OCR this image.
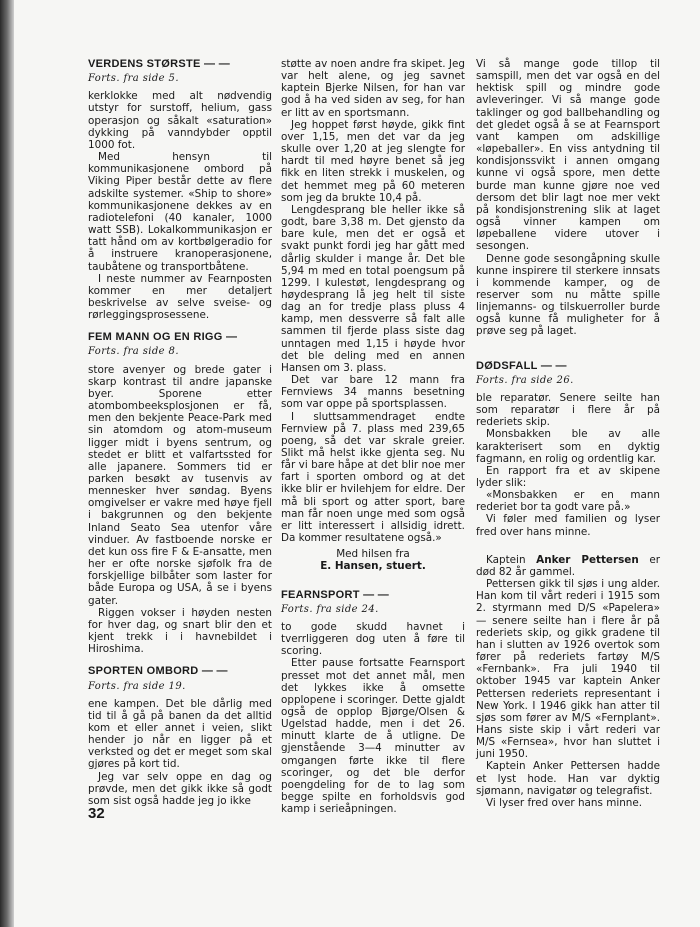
VERDENS STØRSTE — —
Forts. fra side 5.

kerklokke med alt nødvendig utstyr for surstoff, helium, gass operasjon og såkalt «saturation» dykking på vanndybder opptil 1000 fot.

Med hensyn til kommunikasjonene ombord på Viking Piper består dette av flere adskilte systemer. «Ship to shore» kommunikasjonene dekkes av en radiotelefoni (40 kanaler, 1000 watt SSB). Lokalkommunikasjon er tatt hånd om av kortbølgeradio for å instruere kranoperasjonene, taubåtene og transportbåtene.

I neste nummer av Fearnposten kommer en mer detaljert beskrivelse av selve sveise- og rørleggingsprosessene.

FEM MANN OG EN RIGG —
Forts. fra side 8.

store avenyer og brede gater i skarp kontrast til andre japanske byer. Sporene etter atombombeeksplosjonen er få, men den bekjente Peace-Park med sin atomdom og atom-museum ligger midt i byens sentrum, og stedet er blitt et valfartssted for alle japanere. Sommers tid er parken besøkt av tusenvis av mennesker hver søndag. Byens omgivelser er vakre med høye fjell i bakgrunnen og den bekjente Inland Seato Sea utenfor våre vinduer. Av fastboende norske er det kun oss fire F & E-ansatte, men her er ofte norske sjøfolk fra de forskjellige bilbåter som laster for både Europa og USA, å se i byens gater.

Riggen vokser i høyden nesten for hver dag, og snart blir den et kjent trekk i i havnebildet i Hiroshima.

SPORTEN OMBORD — —
Forts. fra side 19.

ene kampen. Det ble dårlig med tid til å gå på banen da det alltid kom et eller annet i veien, slikt hender jo når en ligger på et verksted og det er meget som skal gjøres på kort tid.

Jeg var selv oppe en dag og prøvde, men det gikk ikke så godt som sist også hadde jeg jo ikke

støtte av noen andre fra skipet. Jeg var helt alene, og jeg savnet kaptein Bjerke Nilsen, for han var god å ha ved siden av seg, for han er litt av en sportsmann.

Jeg hoppet først høyde, gikk fint over 1,15, men det var da jeg skulle over 1,20 at jeg slengte for hardt til med høyre benet så jeg fikk en liten strekk i muskelen, og det hemmet meg på 60 meteren som jeg da brukte 10,4 på.

Lengdesprang ble heller ikke så godt, bare 3,38 m. Det gjensto da bare kule, men det er også et svakt punkt fordi jeg har gått med dårlig skulder i mange år. Det ble 5,94 m med en total poengsum på 1299. I kulestøt, lengdesprang og høydesprang lå jeg helt til siste dag an for tredje plass pluss 4 kamp, men dessverre så falt alle sammen til fjerde plass siste dag unntagen med 1,15 i høyde hvor det ble deling med en annen Hansen om 3. plass.

Det var bare 12 mann fra Fernviews 34 manns besetning som var oppe på sportsplassen.

I sluttsammendraget endte Fernview på 7. plass med 239,65 poeng, så det var skrale greier. Slikt må helst ikke gjenta seg. Nu får vi bare håpe at det blir noe mer fart i sporten ombord og at det ikke blir er hvilehjem for eldre. Der må bli sport og atter sport, bare man får noen unge med som også er litt interessert i allsidig idrett. Da kommer resultatene også.»

Med hilsen fra
E. Hansen, stuert.
FEARNSPORT — —
Forts. fra side 24.

to gode skudd havnet i tverrliggeren dog uten å føre til scoring.

Etter pause fortsatte Fearnsport presset mot det annet mål, men det lykkes ikke å omsette opplopene i scoringer. Dette gjaldt også de opplop Bjørge/Olsen & Ugelstad hadde, men i det 26. minutt klarte de å utligne. De gjenstående 3—4 minutter av omgangen førte ikke til flere scoringer, og det ble derfor poengdeling for de to lag som begge spilte en forholdsvis god kamp i serieåpningen.

Vi så mange gode tillop til samspill, men det var også en del hektisk spill og mindre gode avleveringer. Vi så mange gode taklinger og god ballbehandling og det gledet også å se at Fearnsport vant kampen om adskillige «løpeballer». En viss antydning til kondisjonssvikt i annen omgang kunne vi også spore, men dette burde man kunne gjøre noe ved dersom det blir lagt noe mer vekt på kondisjonstrening slik at laget også vinner kampen om løpeballene videre utover i sesongen.

Denne gode sesongåpning skulle kunne inspirere til sterkere innsats i kommende kamper, og de reserver som nu måtte spille linjemanns- og tilskuerroller burde også kunne få muligheter for å prøve seg på laget.

DØDSFALL — —
Forts. fra side 26.

ble reparatør. Senere seilte han som reparatør i flere år på rederiets skip.

Monsbakken ble av alle karakterisert som en dyktig fagmann, en rolig og ordentlig kar.

En rapport fra et av skipene lyder slik:

«Monsbakken er en mann rederiet bor ta godt vare på.»

Vi føler med familien og lyser fred over hans minne.

Kaptein Anker Pettersen er død 82 år gammel.

Pettersen gikk til sjøs i ung alder. Han kom til vårt rederi i 1915 som 2. styrmann med D/S «Papelera» — senere seilte han i flere år på rederiets skip, og gikk gradene til han i slutten av 1926 overtok som fører på rederiets fartøy M/S «Fernbank». Fra juli 1940 til oktober 1945 var kaptein Anker Pettersen rederiets representant i New York. I 1946 gikk han atter til sjøs som fører av M/S «Fernplant». Hans siste skip i vårt rederi var M/S «Fernsea», hvor han sluttet i juni 1950.

Kaptein Anker Pettersen hadde et lyst hode. Han var dyktig sjømann, navigatør og telegrafist.

Vi lyser fred over hans minne.

32
